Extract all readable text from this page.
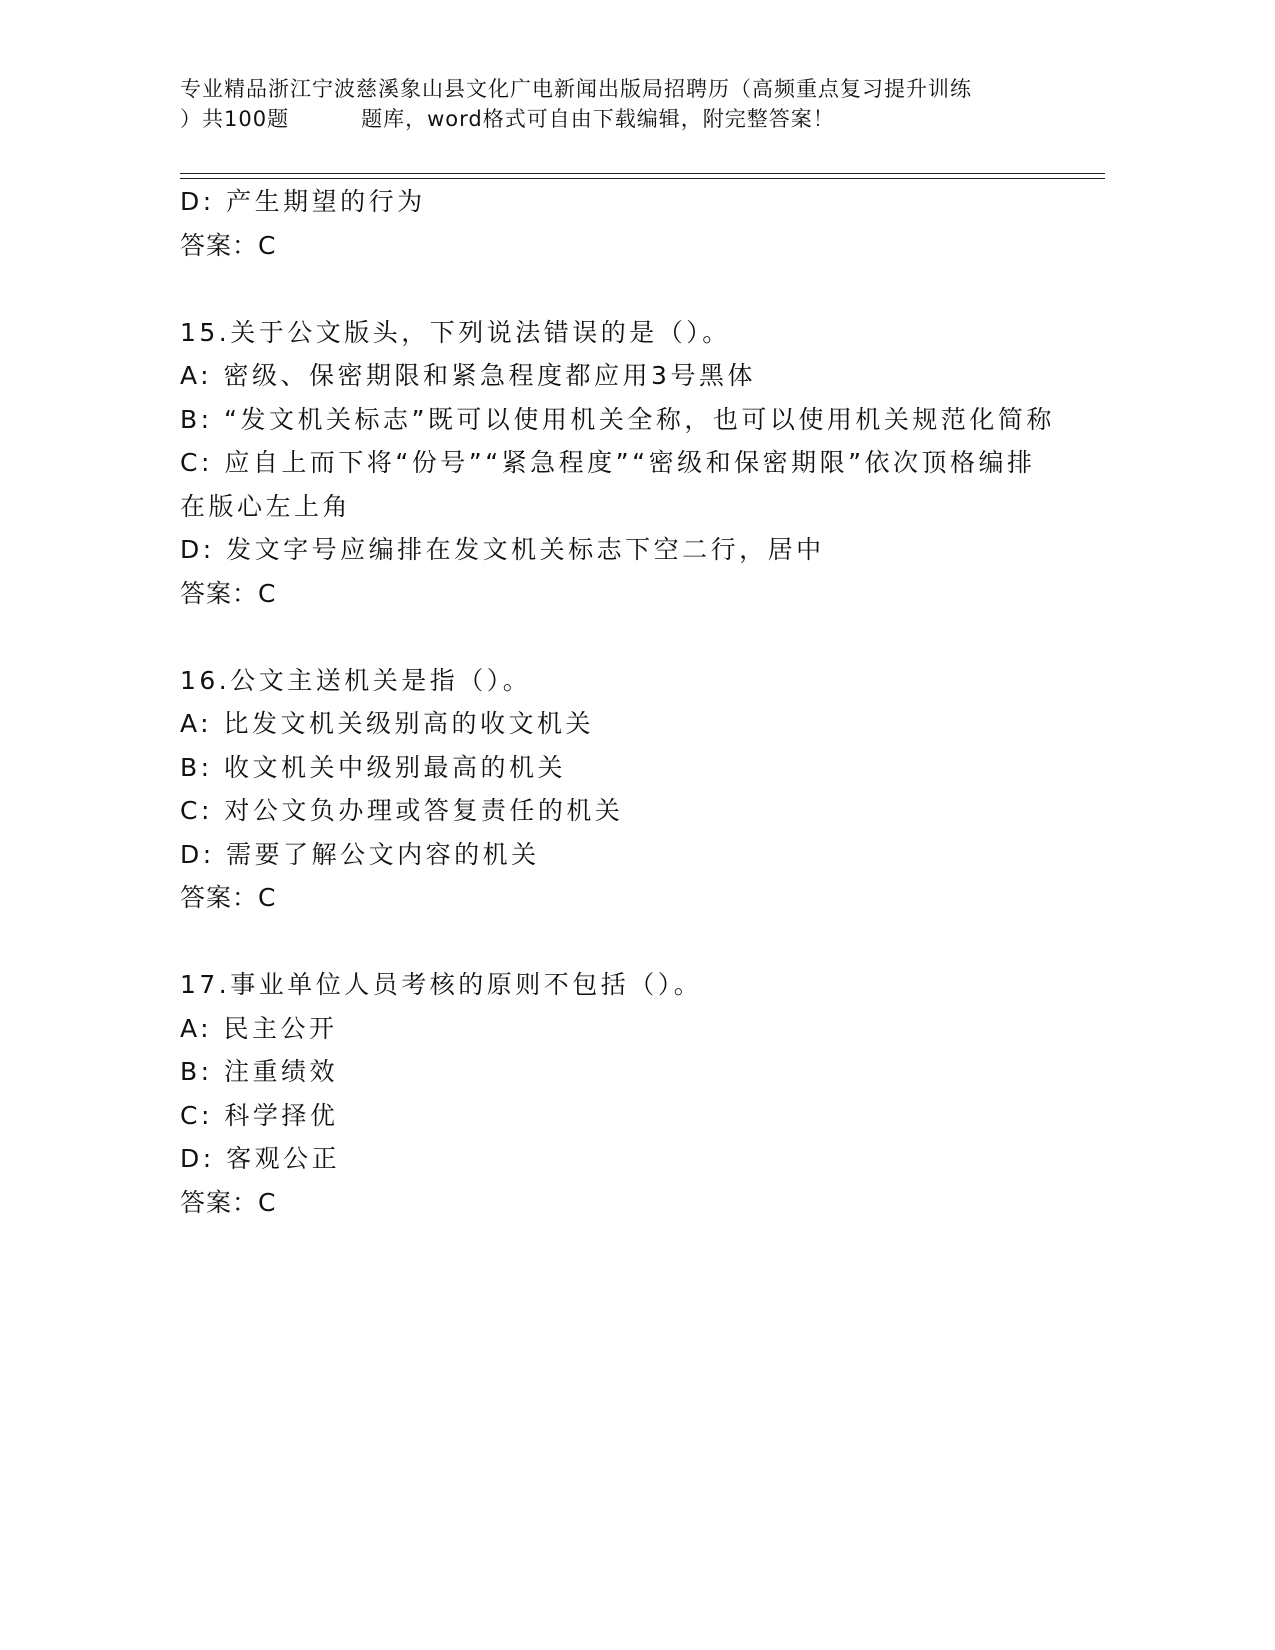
专业精品浙江宁波慈溪象山县文化广电新闻出版局招聘历（高频重点复习提升训练
）共100题	题库，word格式可自由下载编辑，附完整答案！
D: 产生期望的行为
答案：C
15.关于公文版头，下列说法错误的是（）。
A: 密级、保密期限和紧急程度都应用3号黑体
B: “发文机关标志”既可以使用机关全称，也可以使用机关规范化简称
C: 应自上而下将“份号”“紧急程度”“密级和保密期限”依次顶格编排在版心左上角
D: 发文字号应编排在发文机关标志下空二行，居中
答案：C
16.公文主送机关是指（）。
A: 比发文机关级别高的收文机关
B: 收文机关中级别最高的机关
C: 对公文负办理或答复责任的机关
D: 需要了解公文内容的机关
答案：C
17.事业单位人员考核的原则不包括（）。
A: 民主公开
B: 注重绩效
C: 科学择优
D: 客观公正
答案：C
